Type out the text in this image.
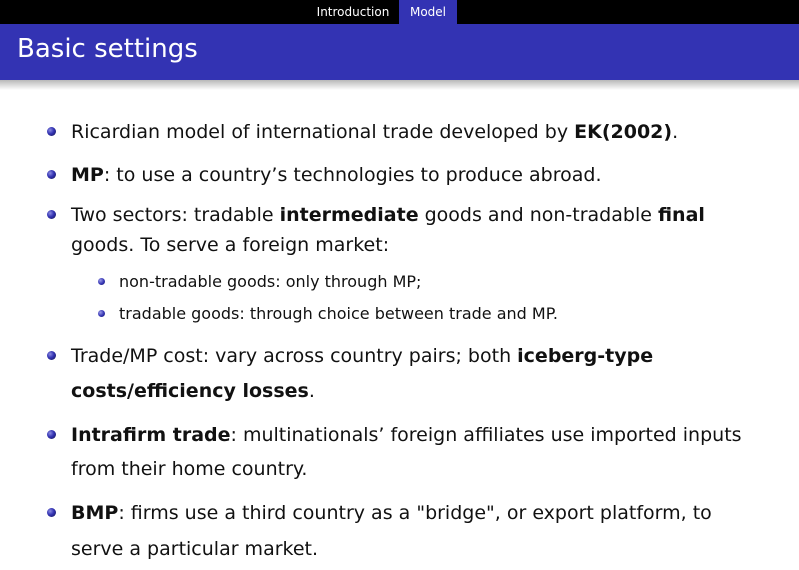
Introduction	Model
Basic settings
Ricardian model of international trade developed by EK(2002).
MP: to use a country’s technologies to produce abroad.
Two sectors: tradable intermediate goods and non-tradable final
goods. To serve a foreign market:
non-tradable goods: only through MP;
tradable goods: through choice between trade and MP.
Trade/MP cost: vary across country pairs; both iceberg-type
costs/efficiency losses.
Intrafirm trade: multinationals’ foreign affiliates use imported inputs
from their home country.
BMP: firms use a third country as a "bridge", or export platform, to
serve a particular market.
